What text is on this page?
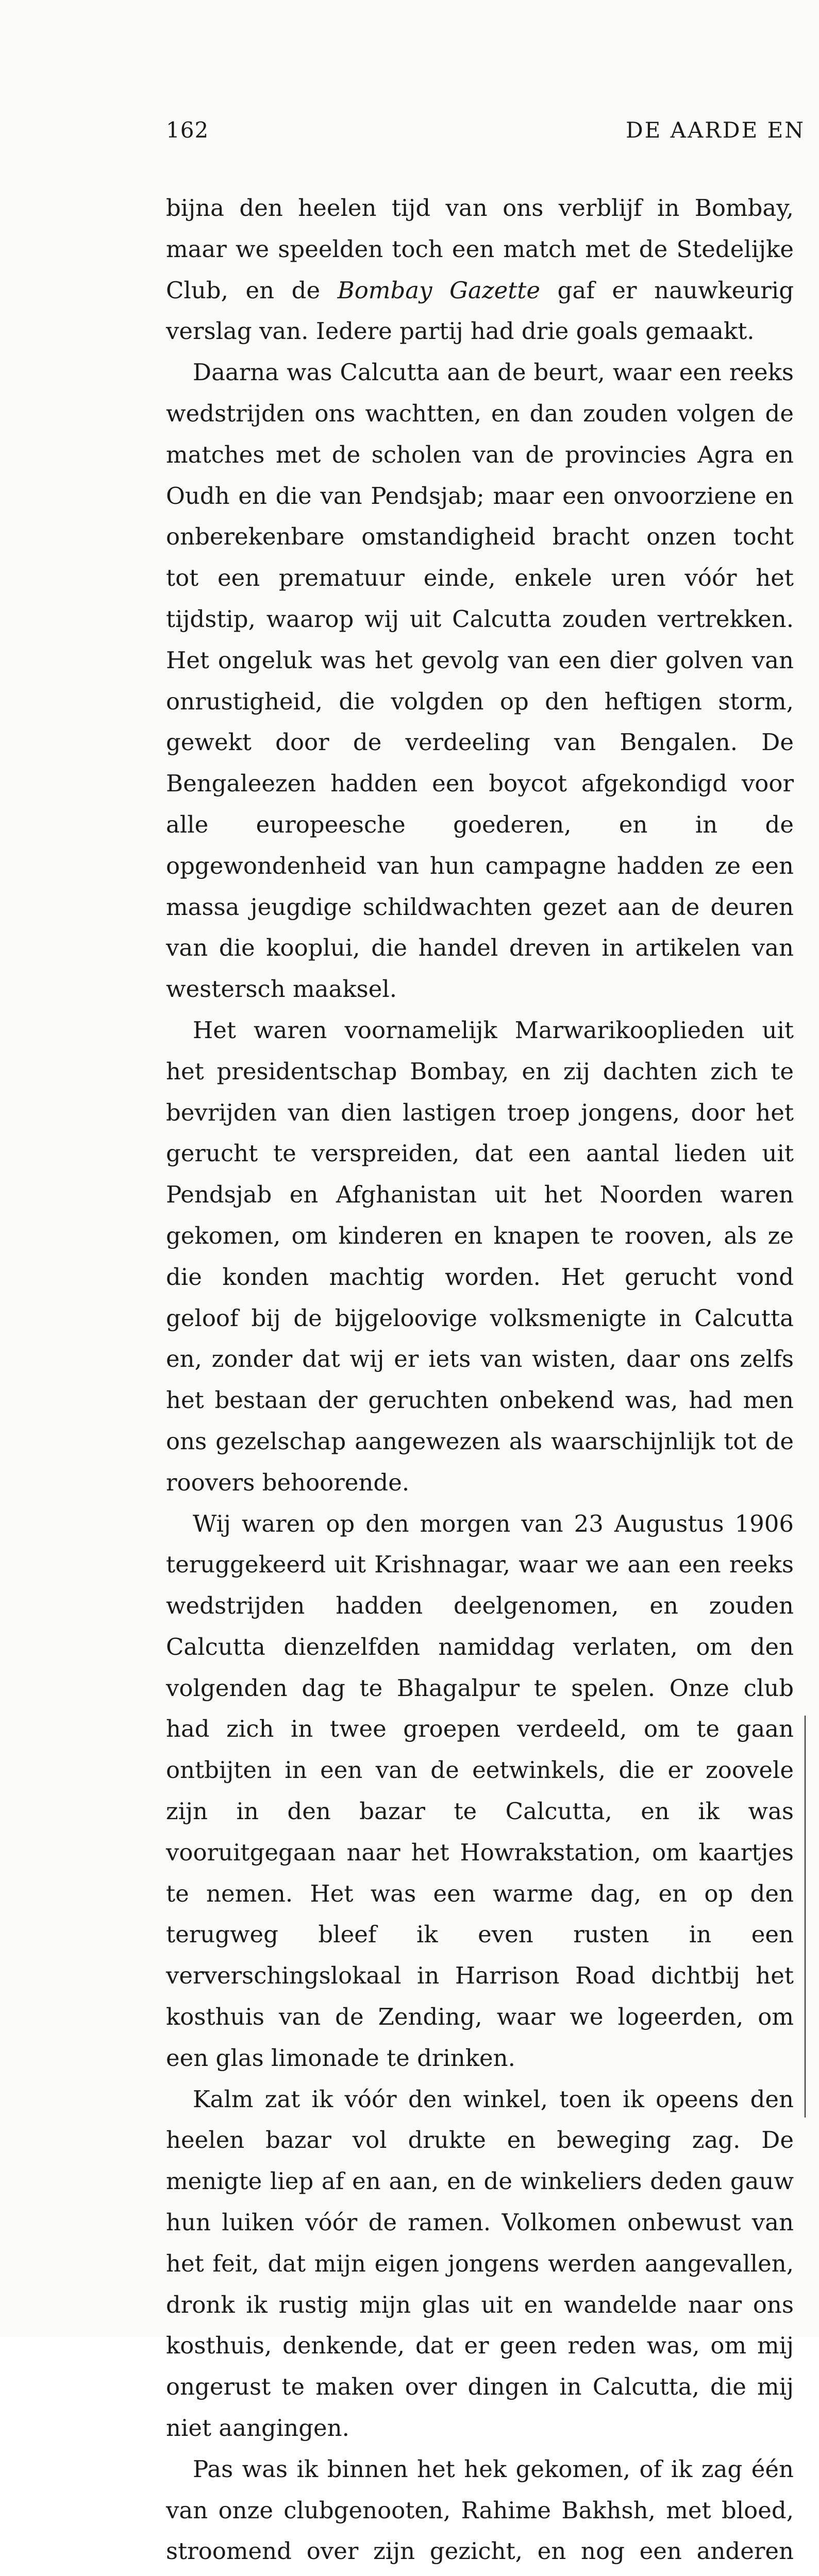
162	DE AARDE EN

bijna den heelen tijd van ons verblijf in Bombay, maar we speelden toch een match met de Stedelijke Club, en de Bombay Gazette gaf er nauwkeurig verslag van. Iedere partij had drie goals gemaakt.

Daarna was Calcutta aan de beurt, waar een reeks wedstrijden ons wachtten, en dan zouden volgen de matches met de scholen van de provincies Agra en Oudh en die van Pendsjab; maar een onvoorziene en onberekenbare omstandigheid bracht onzen tocht tot een prematuur einde, enkele uren vóór het tijdstip, waarop wij uit Calcutta zouden vertrekken. Het ongeluk was het gevolg van een dier golven van onrustigheid, die volgden op den heftigen storm, gewekt door de verdeeling van Bengalen. De Bengaleezen hadden een boycot afgekondigd voor alle europeesche goederen, en in de opgewondenheid van hun campagne hadden ze een massa jeugdige schildwachten gezet aan de deuren van die kooplui, die handel dreven in artikelen van westersch maaksel.

Het waren voornamelijk Marwarikooplieden uit het presidentschap Bombay, en zij dachten zich te bevrijden van dien lastigen troep jongens, door het gerucht te verspreiden, dat een aantal lieden uit Pendsjab en Afghanistan uit het Noorden waren gekomen, om kinderen en knapen te rooven, als ze die konden machtig worden. Het gerucht vond geloof bij de bijgeloovige volksmenigte in Calcutta en, zonder dat wij er iets van wisten, daar ons zelfs het bestaan der geruchten onbekend was, had men ons gezelschap aangewezen als waarschijnlijk tot de roovers behoorende.

Wij waren op den morgen van 23 Augustus 1906 teruggekeerd uit Krishnagar, waar we aan een reeks wedstrijden hadden deelgenomen, en zouden Calcutta dienzelfden namiddag verlaten, om den volgenden dag te Bhagalpur te spelen. Onze club had zich in twee groepen verdeeld, om te gaan ontbijten in een van de eetwinkels, die er zoovele zijn in den bazar te Calcutta, en ik was vooruitgegaan naar het Howrakstation, om kaartjes te nemen. Het was een warme dag, en op den terugweg bleef ik even rusten in een ververschingslokaal in Harrison Road dichtbij het kosthuis van de Zending, waar we logeerden, om een glas limonade te drinken.

Kalm zat ik vóór den winkel, toen ik opeens den heelen bazar vol drukte en beweging zag. De menigte liep af en aan, en de winkeliers deden gauw hun luiken vóór de ramen. Volkomen onbewust van het feit, dat mijn eigen jongens werden aangevallen, dronk ik rustig mijn glas uit en wandelde naar ons kosthuis, denkende, dat er geen reden was, om mij ongerust te maken over dingen in Calcutta, die mij niet aangingen.

Pas was ik binnen het hek gekomen, of ik zag één van onze clubgenooten, Rahime Bakhsh, met bloed, stroomend over zijn gezicht, en nog een anderen
